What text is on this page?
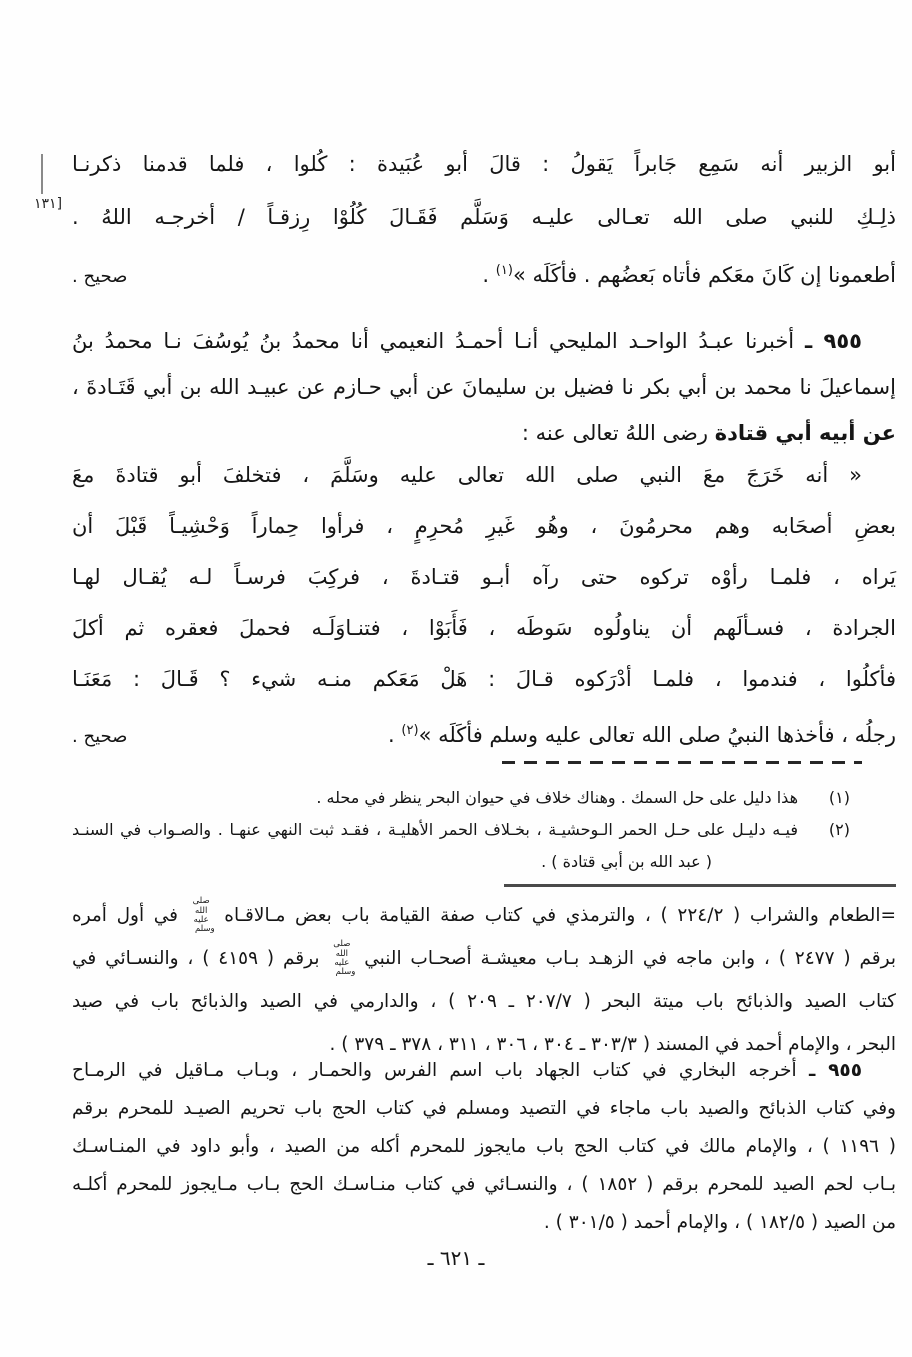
١٣١]
أبو الزبير أنه سَمِع جَابراً يَقولُ : قالَ أبو عُبَيدة : كُلوا ، فلما قدمنا ذكرنـا
ذلِـكِ للنبي صلى الله تعـالى عليـه وَسَلَّم فَقَـالَ كُلُوْا رِزقـاً / أخرجـه اللهُ .
أطعمونا إن كَانَ معَكم فأتاه بَعضُهم . فأكَلَه »$^{(١)}$ .
صحيح .
٩٥٥ ـ أخبرنا عبـدُ الواحـد المليحي أنـا أحمـدُ النعيمي أنا محمدُ بنُ يُوسُفَ نـا محمدُ بنُ
إسماعيلَ نا محمد بن أبي بكر نا فضيل بن سليمانَ عن أبي حـازم عن عبيـد الله بن أبي قَتَـادةَ ،
عن أبيه أبي قتادة رضى اللهُ تعالى عنه :
« أنه خَرَجَ معَ النبي صلى الله تعالى عليه وسَلَّمَ ، فتخلفَ أبو قتادةَ معَ
بعضِ أصحَابه وهم محرمُونَ ، وهُو غَيرِ مُحرِمٍ ، فرأوا حِماراً وَحْشِيـاً قَبْلَ أن
يَراه ، فلمـا رأوْه تركوه حتى رآه أبـو قتـادةَ ، فركِبَ فرسـاً لـه يُقـال لهـا
الجرادة ، فسـألَهم أن يناولُوه سَوطَه ، فَأَبَوْا ، فتنـاوَلَـه فحملَ فعقره ثم أكلَ
فأكلُوا ، فندموا ، فلمـا أدْرَكوه قـالَ : هَلْ مَعَكم منـه شيء ؟ قَـالَ : مَعَنَـا
رجلُه ، فأخذها النبيُ صلى الله تعالى عليه وسلم فأكَلَه »$^{(٢)}$ .
صحيح .
(١)
هذا دليل على حل السمك . وهناك خلاف في حيوان البحر ينظر في محله .
(٢)
فيـه دليـل على حـل الحمر الـوحشيـة ، بخـلاف الحمر الأهليـة ، فقـد ثبت النهي عنهـا . والصـواب في السنـد
( عبد الله بن أبي قتادة ) .
=الطعام والشراب ( ٢٢٤/٢ ) ، والترمذي في كتاب صفة القيامة باب بعض مـالاقـاه صلى الله عليه وسلم في أول أمره
برقم ( ٢٤٧٧ ) ، وابن ماجه في الزهـد بـاب معيشـة أصحـاب النبي صلى الله عليه وسلم برقم ( ٤١٥٩ ) ، والنسـائي في
كتاب الصيد والذبائح باب ميتة البحر ( ٢٠٧/٧ ـ ٢٠٩ ) ، والدارمي في الصيد والذبائح باب في صيد
البحر ، والإمام أحمد في المسند ( ٣٠٣/٣ ـ ٣٠٤ ، ٣٠٦ ، ٣١١ ، ٣٧٨ ـ ٣٧٩ ) .
٩٥٥ ـ أخرجه البخاري في كتاب الجهاد باب اسم الفرس والحمـار ، وبـاب مـاقيل في الرمـاح
وفي كتاب الذبائح والصيد باب ماجاء في التصيد ومسلم في كتاب الحج باب تحريم الصيـد للمحرم برقم
( ١١٩٦ ) ، والإمام مالك في كتاب الحج باب مايجوز للمحرم أكله من الصيد ، وأبو داود في المنـاسـك
بـاب لحم الصيد للمحرم برقم ( ١٨٥٢ ) ، والنسـائي في كتاب منـاسـك الحج بـاب مـايجوز للمحرم أكلـه
من الصيد ( ١٨٢/٥ ) ، والإمام أحمد ( ٣٠١/٥ ) .
ـ ٦٢١ ـ
